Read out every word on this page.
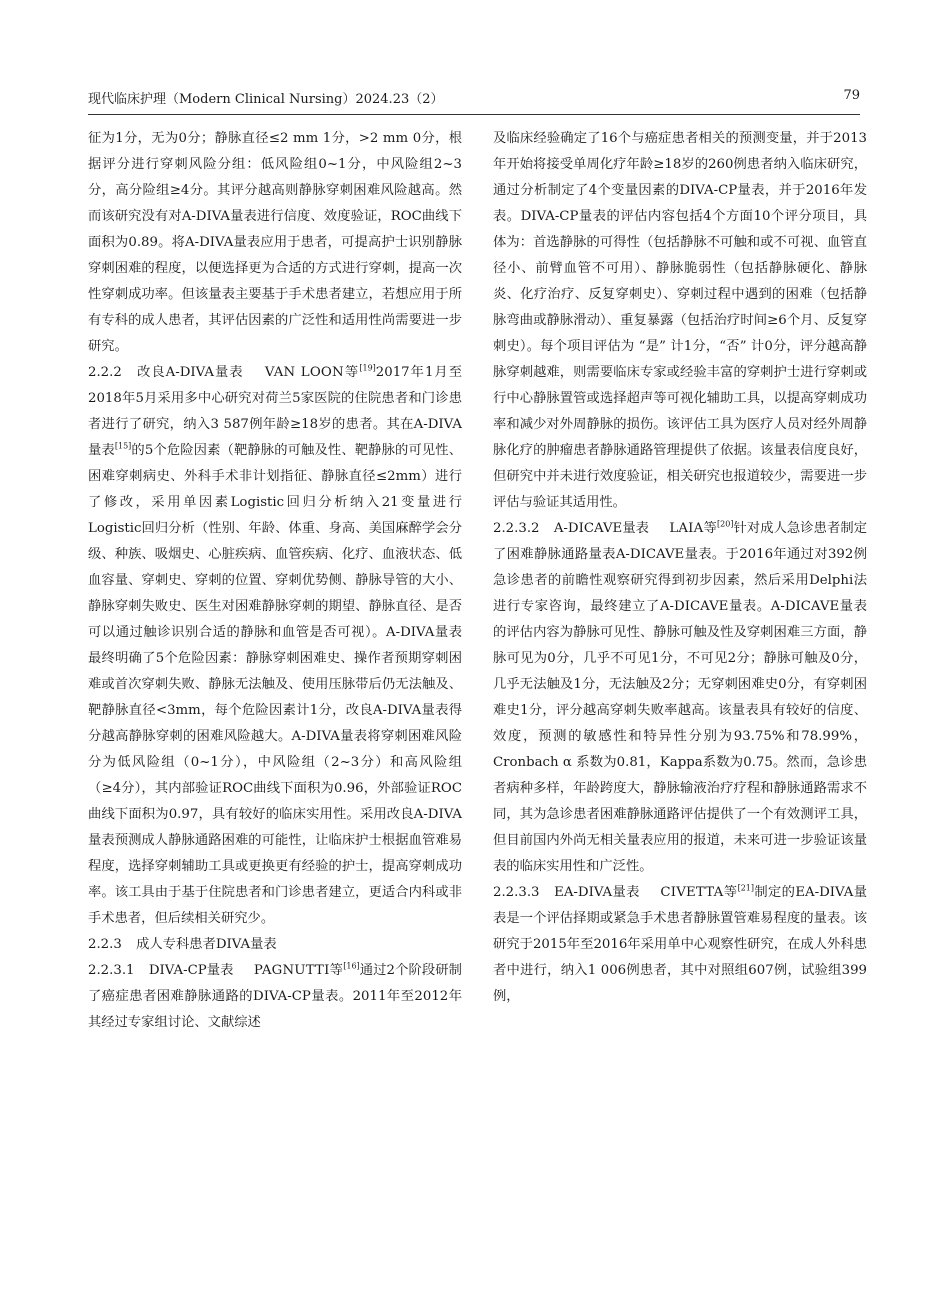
现代临床护理（Modern Clinical Nursing）2024.23（2）	79

征为1分，无为0分；静脉直径≤2 mm 1分，>2 mm 0分，根据评分进行穿刺风险分组：低风险组0~1分，中风险组2~3分，高分险组≥4分。其评分越高则静脉穿刺困难风险越高。然而该研究没有对A-DIVA量表进行信度、效度验证，ROC曲线下面积为0.89。将A-DIVA量表应用于患者，可提高护士识别静脉穿刺困难的程度，以便选择更为合适的方式进行穿刺，提高一次性穿刺成功率。但该量表主要基于手术患者建立，若想应用于所有专科的成人患者，其评估因素的广泛性和适用性尚需要进一步研究。

2.2.2 改良A-DIVA量表 VAN LOON等[19]2017年1月至2018年5月采用多中心研究对荷兰5家医院的住院患者和门诊患者进行了研究，纳入3 587例年龄≥18岁的患者。其在A-DIVA量表[15]的5个危险因素（靶静脉的可触及性、靶静脉的可见性、困难穿刺病史、外科手术非计划指征、静脉直径≤2mm）进行了修改，采用单因素Logistic回归分析纳入21变量进行Logistic回归分析（性别、年龄、体重、身高、美国麻醉学会分级、种族、吸烟史、心脏疾病、血管疾病、化疗、血液状态、低血容量、穿刺史、穿刺的位置、穿刺优势侧、静脉导管的大小、静脉穿刺失败史、医生对困难静脉穿刺的期望、静脉直径、是否可以通过触诊识别合适的静脉和血管是否可视）。A-DIVA量表最终明确了5个危险因素：静脉穿刺困难史、操作者预期穿刺困难或首次穿刺失败、静脉无法触及、使用压脉带后仍无法触及、靶静脉直径<3mm，每个危险因素计1分，改良A-DIVA量表得分越高静脉穿刺的困难风险越大。A-DIVA量表将穿刺困难风险分为低风险组（0~1分），中风险组（2~3分）和高风险组（≥4分），其内部验证ROC曲线下面积为0.96，外部验证ROC曲线下面积为0.97，具有较好的临床实用性。采用改良A-DIVA量表预测成人静脉通路困难的可能性，让临床护士根据血管难易程度，选择穿刺辅助工具或更换更有经验的护士，提高穿刺成功率。该工具由于基于住院患者和门诊患者建立，更适合内科或非手术患者，但后续相关研究少。

2.2.3 成人专科患者DIVA量表

2.2.3.1 DIVA-CP量表 PAGNUTTI等[16]通过2个阶段研制了癌症患者困难静脉通路的DIVA-CP量表。2011年至2012年其经过专家组讨论、文献综述

及临床经验确定了16个与癌症患者相关的预测变量，并于2013年开始将接受单周化疗年龄≥18岁的260例患者纳入临床研究，通过分析制定了4个变量因素的DIVA-CP量表，并于2016年发表。DIVA-CP量表的评估内容包括4个方面10个评分项目，具体为：首选静脉的可得性（包括静脉不可触和或不可视、血管直径小、前臂血管不可用）、静脉脆弱性（包括静脉硬化、静脉炎、化疗治疗、反复穿刺史）、穿刺过程中遇到的困难（包括静脉弯曲或静脉滑动）、重复暴露（包括治疗时间≥6个月、反复穿刺史）。每个项目评估为 “是” 计1分，“否” 计0分，评分越高静脉穿刺越难，则需要临床专家或经验丰富的穿刺护士进行穿刺或行中心静脉置管或选择超声等可视化辅助工具，以提高穿刺成功率和减少对外周静脉的损伤。该评估工具为医疗人员对经外周静脉化疗的肿瘤患者静脉通路管理提供了依据。该量表信度良好，但研究中并未进行效度验证，相关研究也报道较少，需要进一步评估与验证其适用性。

2.2.3.2 A-DICAVE量表 LAIA等[20]针对成人急诊患者制定了困难静脉通路量表A-DICAVE量表。于2016年通过对392例急诊患者的前瞻性观察研究得到初步因素，然后采用Delphi法进行专家咨询，最终建立了A-DICAVE量表。A-DICAVE量表的评估内容为静脉可见性、静脉可触及性及穿刺困难三方面，静脉可见为0分，几乎不可见1分，不可见2分；静脉可触及0分，几乎无法触及1分，无法触及2分；无穿刺困难史0分，有穿刺困难史1分，评分越高穿刺失败率越高。该量表具有较好的信度、效度，预测的敏感性和特异性分别为93.75%和78.99%，Cronbach α 系数为0.81，Kappa系数为0.75。然而，急诊患者病种多样，年龄跨度大，静脉输液治疗疗程和静脉通路需求不同，其为急诊患者困难静脉通路评估提供了一个有效测评工具，但目前国内外尚无相关量表应用的报道，未来可进一步验证该量表的临床实用性和广泛性。

2.2.3.3 EA-DIVA量表 CIVETTA等[21]制定的EA-DIVA量表是一个评估择期或紧急手术患者静脉置管难易程度的量表。该研究于2015年至2016年采用单中心观察性研究，在成人外科患者中进行，纳入1 006例患者，其中对照组607例，试验组399例，
